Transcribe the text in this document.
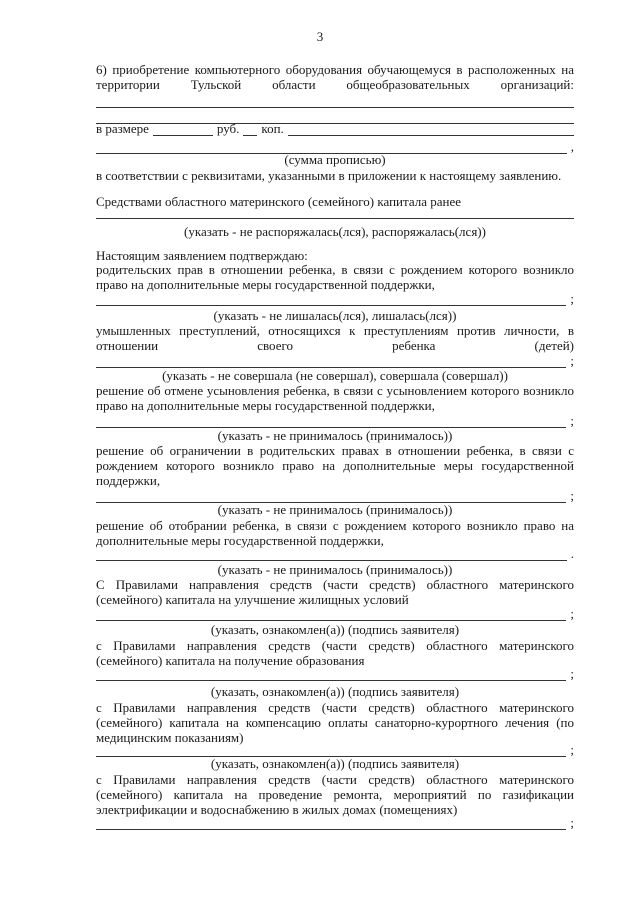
3
6) приобретение компьютерного оборудования обучающемуся в расположенных на
территории Тульской области общеобразовательных организаций:
в размере	руб. коп.
,
(сумма прописью)
в соответствии с реквизитами, указанными в приложении к настоящему заявлению.
Средствами областного материнского (семейного) капитала ранее
(указать - не распоряжалась(лся), распоряжалась(лся))
Настоящим заявлением подтверждаю:
родительских прав в отношении ребенка, в связи с рождением которого возникло право на дополнительные меры государственной поддержки,
;
(указать - не лишалась(лся), лишалась(лся))
умышленных преступлений, относящихся к преступлениям против личности, в отношении своего ребенка (детей)
;
(указать - не совершала (не совершал), совершала (совершал))
решение об отмене усыновления ребенка, в связи с усыновлением которого возникло право на дополнительные меры государственной поддержки,
;
(указать - не принималось (принималось))
решение об ограничении в родительских правах в отношении ребенка, в связи с рождением которого возникло право на дополнительные меры государственной поддержки,
;
(указать - не принималось (принималось))
решение об отобрании ребенка, в связи с рождением которого возникло право на дополнительные меры государственной поддержки,
.
(указать - не принималось (принималось))
С Правилами направления средств (части средств) областного материнского (семейного) капитала на улучшение жилищных условий
;
(указать, ознакомлен(а)) (подпись заявителя)
с Правилами направления средств (части средств) областного материнского (семейного) капитала на получение образования
;
(указать, ознакомлен(а)) (подпись заявителя)
с Правилами направления средств (части средств) областного материнского (семейного) капитала на компенсацию оплаты санаторно-курортного лечения (по медицинским показаниям)
;
(указать, ознакомлен(а)) (подпись заявителя)
с Правилами направления средств (части средств) областного материнского (семейного) капитала на проведение ремонта, мероприятий по газификации электрификации и водоснабжению в жилых домах (помещениях)
;
